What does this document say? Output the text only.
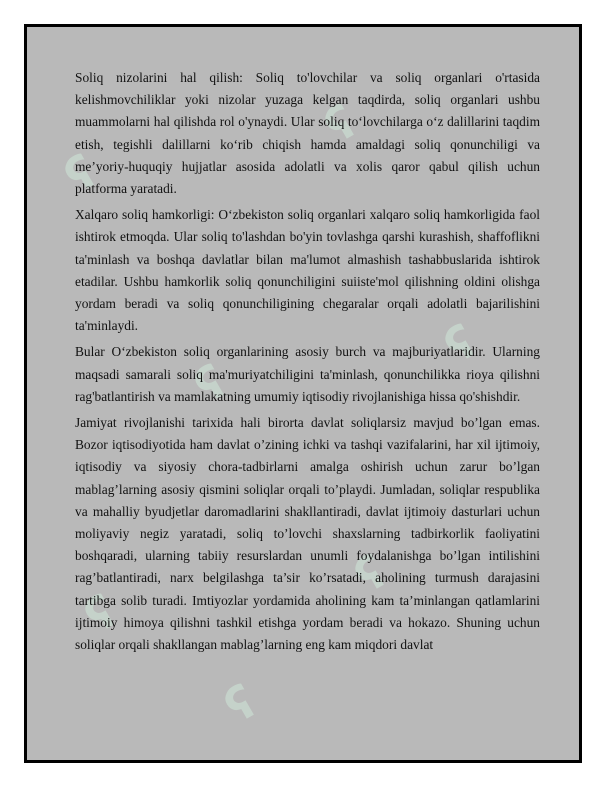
ʕ
ʕ
ʕ
ʕ
ʕ
ʕ
ʕ

Soliq nizolarini hal qilish: Soliq to'lovchilar va soliq organlari o'rtasida kelishmovchiliklar yoki nizolar yuzaga kelgan taqdirda, soliq organlari ushbu muammolarni hal qilishda rol o'ynaydi. Ular soliq to‘lovchilarga o‘z dalillarini taqdim etish, tegishli dalillarni ko‘rib chiqish hamda amaldagi soliq qonunchiligi va me’yoriy-huquqiy hujjatlar asosida adolatli va xolis qaror qabul qilish uchun platforma yaratadi.

Xalqaro soliq hamkorligi: O‘zbekiston soliq organlari xalqaro soliq hamkorligida faol ishtirok etmoqda. Ular soliq to'lashdan bo'yin tovlashga qarshi kurashish, shaffoflikni ta'minlash va boshqa davlatlar bilan ma'lumot almashish tashabbuslarida ishtirok etadilar. Ushbu hamkorlik soliq qonunchiligini suiiste'mol qilishning oldini olishga yordam beradi va soliq qonunchiligining chegaralar orqali adolatli bajarilishini ta'minlaydi.

Bular O‘zbekiston soliq organlarining asosiy burch va majburiyatlaridir. Ularning maqsadi samarali soliq ma'muriyatchiligini ta'minlash, qonunchilikka rioya qilishni rag'batlantirish va mamlakatning umumiy iqtisodiy rivojlanishiga hissa qo'shishdir.

Jamiyat rivojlanishi tarixida hali birorta davlat soliqlarsiz mavjud bo’lgan emas. Bozor iqtisodiyotida ham davlat o’zining ichki va tashqi vazifalarini, har xil ijtimoiy, iqtisodiy va siyosiy chora-tadbirlarni amalga oshirish uchun zarur bo’lgan mablag’larning asosiy qismini soliqlar orqali to’playdi. Jumladan, soliqlar respublika va mahalliy byudjetlar daromadlarini shakllantiradi, davlat ijtimoiy dasturlari uchun moliyaviy negiz yaratadi, soliq to’lovchi shaxslarning tadbirkorlik faoliyatini boshqaradi, ularning tabiiy resurslardan unumli foydalanishga bo’lgan intilishini rag’batlantiradi, narx belgilashga ta’sir ko’rsatadi, aholining turmush darajasini tartibga solib turadi. Imtiyozlar yordamida aholining kam ta’minlangan qatlamlarini ijtimoiy himoya qilishni tashkil etishga yordam beradi va hokazo. Shuning uchun soliqlar orqali shakllangan mablag’larning eng kam miqdori davlat
